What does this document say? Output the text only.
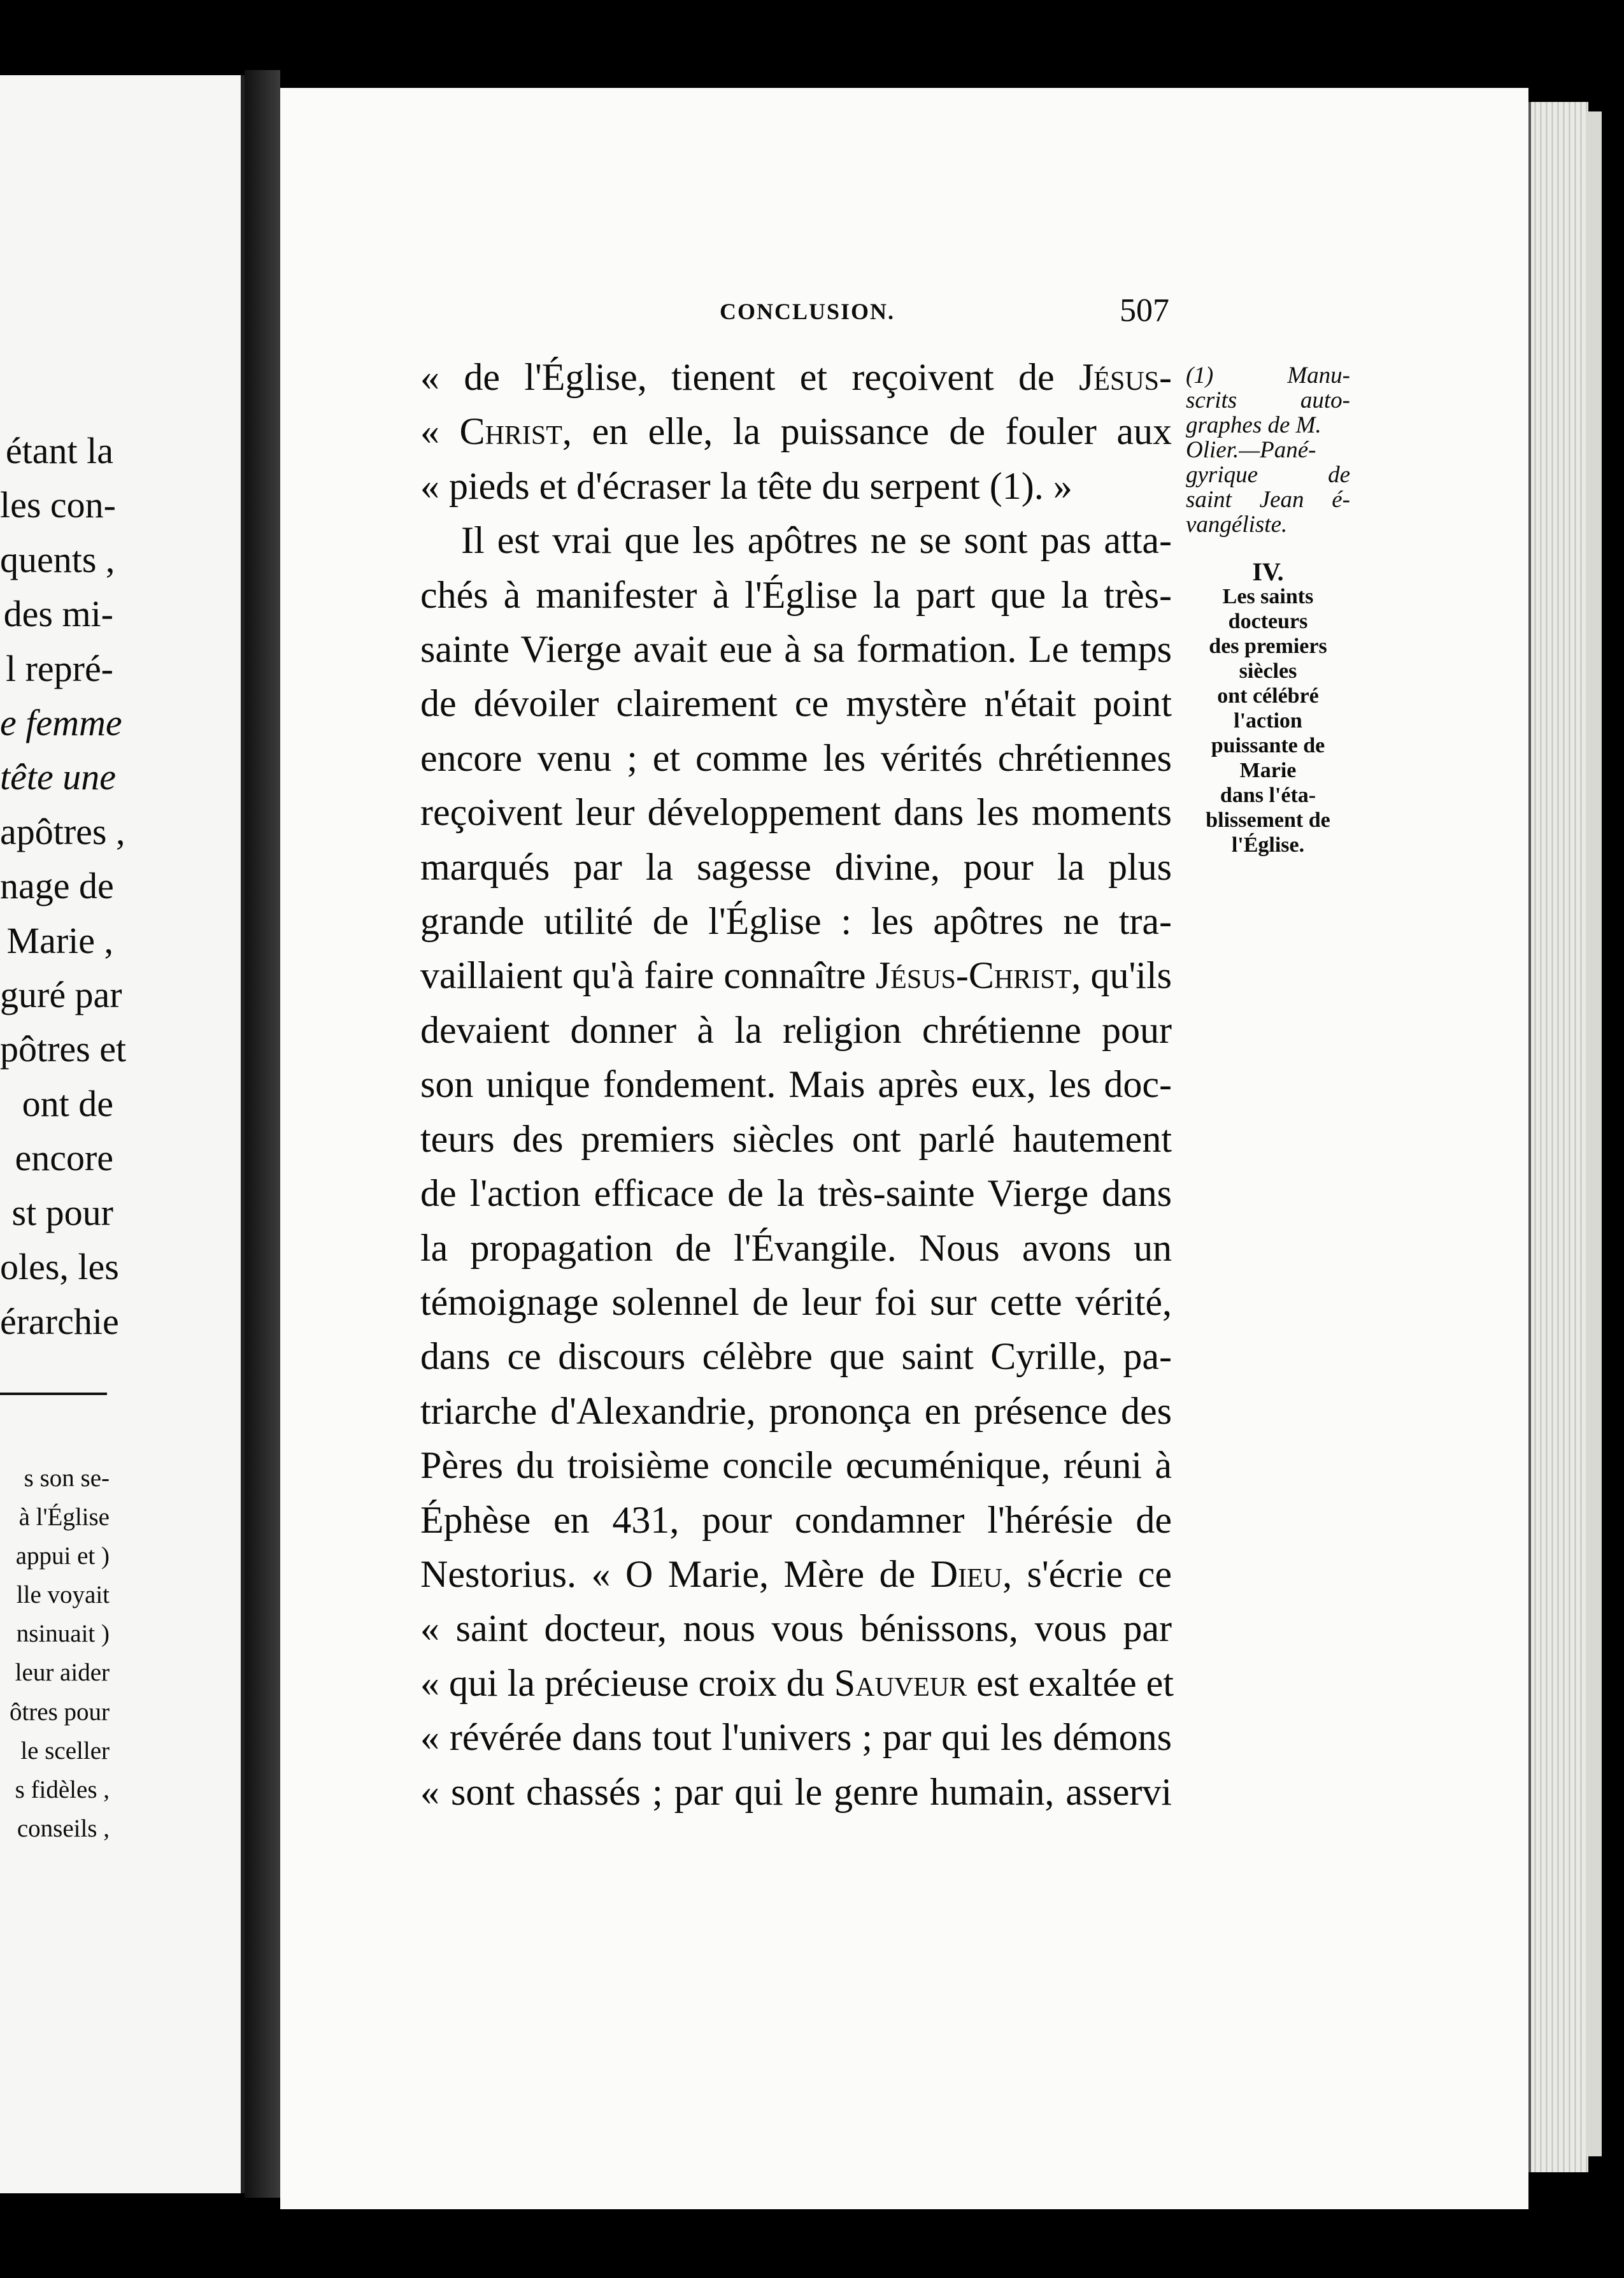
étant la
les con-
quents ,
des mi-
l repré-
e femme
tête une
apôtres ,
nage de
Marie ,
guré par
pôtres et
ont de
encore
st pour
oles, les
érarchie
s son se-
à l'Église
appui et )
lle voyait
nsinuait )
leur aider
ôtres pour
le sceller
s fidèles ,
conseils ,
CONCLUSION.	507
« de l'Église, tienent et reçoivent de Jésus-
« Christ, en elle, la puissance de fouler aux
« pieds et d'écraser la tête du serpent (1). »
Il est vrai que les apôtres ne se sont pas atta-
chés à manifester à l'Église la part que la très-
sainte Vierge avait eue à sa formation. Le temps
de dévoiler clairement ce mystère n'était point
encore venu ; et comme les vérités chrétiennes
reçoivent leur développement dans les moments
marqués par la sagesse divine, pour la plus
grande utilité de l'Église : les apôtres ne tra-
vaillaient qu'à faire connaître Jésus-Christ, qu'ils
devaient donner à la religion chrétienne pour
son unique fondement. Mais après eux, les doc-
teurs des premiers siècles ont parlé hautement
de l'action efficace de la très-sainte Vierge dans
la propagation de l'Évangile. Nous avons un
témoignage solennel de leur foi sur cette vérité,
dans ce discours célèbre que saint Cyrille, pa-
triarche d'Alexandrie, prononça en présence des
Pères du troisième concile œcuménique, réuni à
Éphèse en 431, pour condamner l'hérésie de
Nestorius. « O Marie, Mère de Dieu, s'écrie ce
« saint docteur, nous vous bénissons, vous par
« qui la précieuse croix du Sauveur est exaltée et
« révérée dans tout l'univers ; par qui les démons
« sont chassés ; par qui le genre humain, asservi
(1) Manu-
scrits auto-
graphes de M.
Olier.—Pané-
gyrique de
saint Jean é-
vangéliste.
IV.
Les saints
docteurs
des premiers
siècles
ont célébré
l'action
puissante de
Marie
dans l'éta-
blissement de
l'Église.
